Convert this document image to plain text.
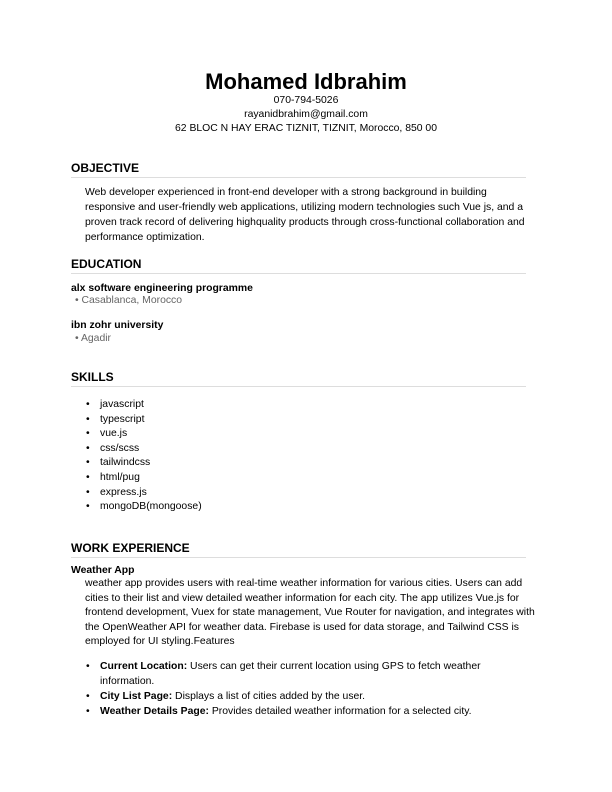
Mohamed Idbrahim
070-794-5026
rayanidbrahim@gmail.com
62 BLOC N HAY ERAC TIZNIT, TIZNIT, Morocco, 850 00
OBJECTIVE
Web developer experienced in front-end developer with a strong background in building responsive and user-friendly web applications, utilizing modern technologies such Vue js, and a proven track record of delivering highquality products through cross-functional collaboration and performance optimization.
EDUCATION
alx software engineering programme
• Casablanca, Morocco
ibn zohr university
• Agadir
SKILLS
• javascript
• typescript
• vue.js
• css/scss
• tailwindcss
• html/pug
• express.js
• mongoDB(mongoose)
WORK EXPERIENCE
Weather App
weather app provides users with real-time weather information for various cities. Users can add cities to their list and view detailed weather information for each city. The app utilizes Vue.js for frontend development, Vuex for state management, Vue Router for navigation, and integrates with the OpenWeather API for weather data. Firebase is used for data storage, and Tailwind CSS is employed for UI styling.Features
• Current Location: Users can get their current location using GPS to fetch weather information.
• City List Page: Displays a list of cities added by the user.
• Weather Details Page: Provides detailed weather information for a selected city.
